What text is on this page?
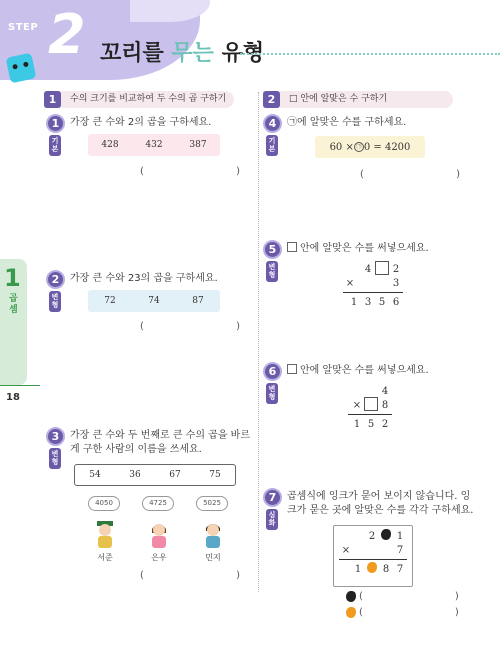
STEP 2 꼬리를 무는 유형
1
곱셈
18
수의 크기를 비교하여 두 수의 곱 구하기
1	□ 안에 알맞은 수 구하기
2
1
기본
가장 큰 수와 2의 곱을 구하세요.
428	432	387
(	)
2
변형
가장 큰 수와 23의 곱을 구하세요.
72	74	87
(	)
3
변형
가장 큰 수와 두 번째로 큰 수의 곱을 바르
게 구한 사람의 이름을 쓰세요.
54	36	67	75
4050	4725	5025
서준	은우	민지
(	)
4
기본
㉠에 알맞은 수를 구하세요.
60 × ㉠ 0 = 4200
(	)
5
변형
안에 알맞은 수를 써넣으세요.
4	2
×	3
1 3 5 6
6
변형
안에 알맞은 수를 써넣으세요.
4
×	8
1 5 2
7
심화
곱셈식에 잉크가 묻어 보이지 않습니다. 잉
크가 묻은 곳에 알맞은 수를 각각 구하세요.
2	1
×	7
1	8 7
(	)
(	)
